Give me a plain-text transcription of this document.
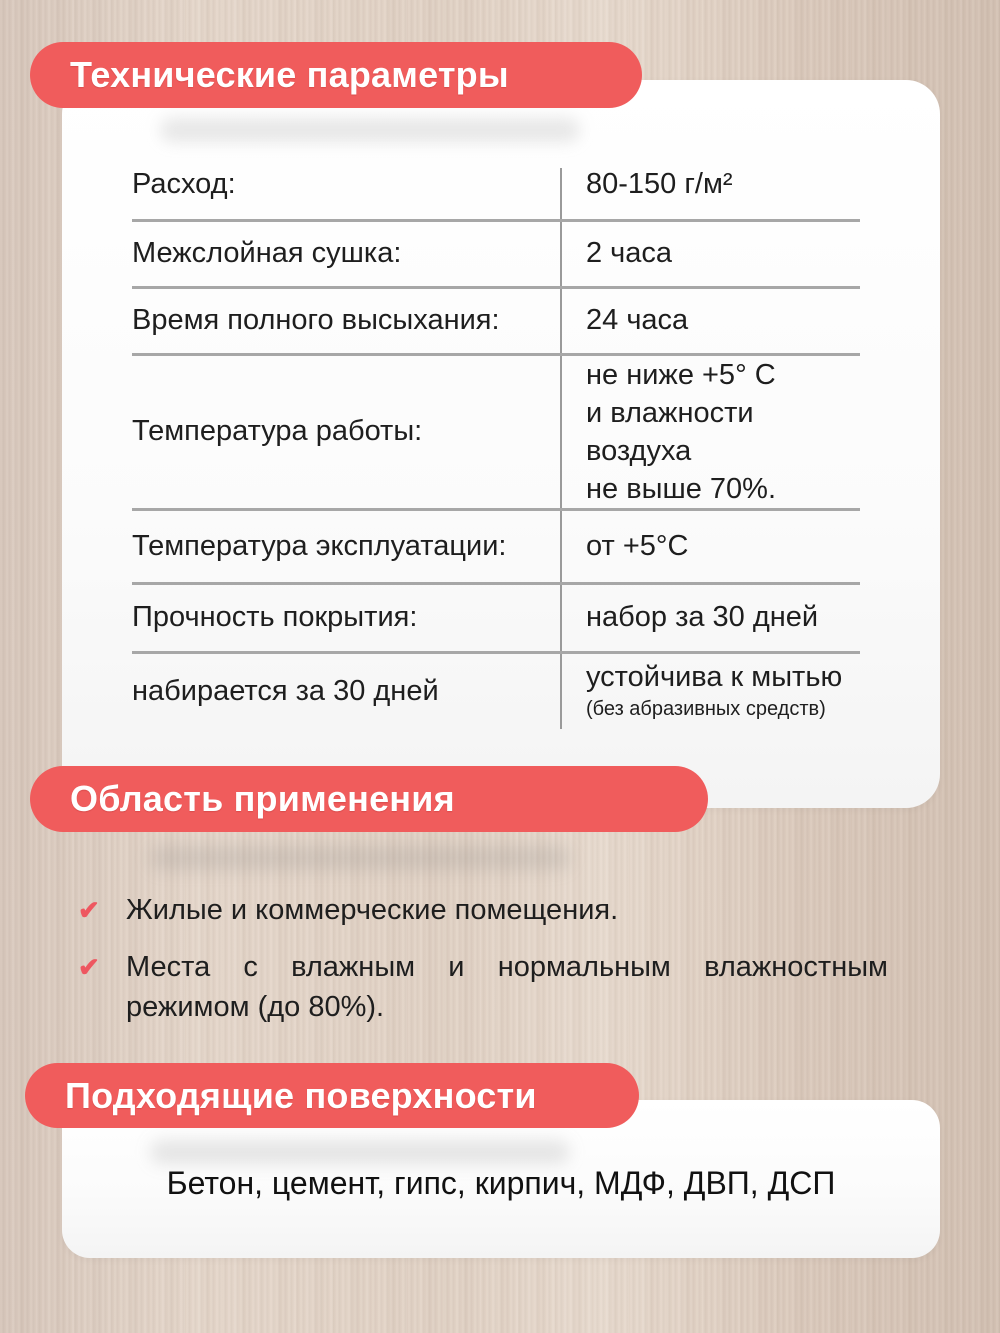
Технические параметры
Расход:	80-150 г/м²
Межслойная сушка:	2 часа
Время полного высыхания:	24 часа
Температура работы:	не ниже +5° С
и влажности воздуха
не выше 70%.

Температура эксплуатации:	от +5°С
Прочность покрытия:	набор за 30 дней
набирается за 30 дней	устойчива к мытью
(без абразивных средств)
Область применения
✔ Жилые и коммерческие помещения.
✔ Места с влажным и нормальным влажностным режимом (до 80%).
Подходящие поверхности
Бетон, цемент, гипс, кирпич, МДФ, ДВП, ДСП
